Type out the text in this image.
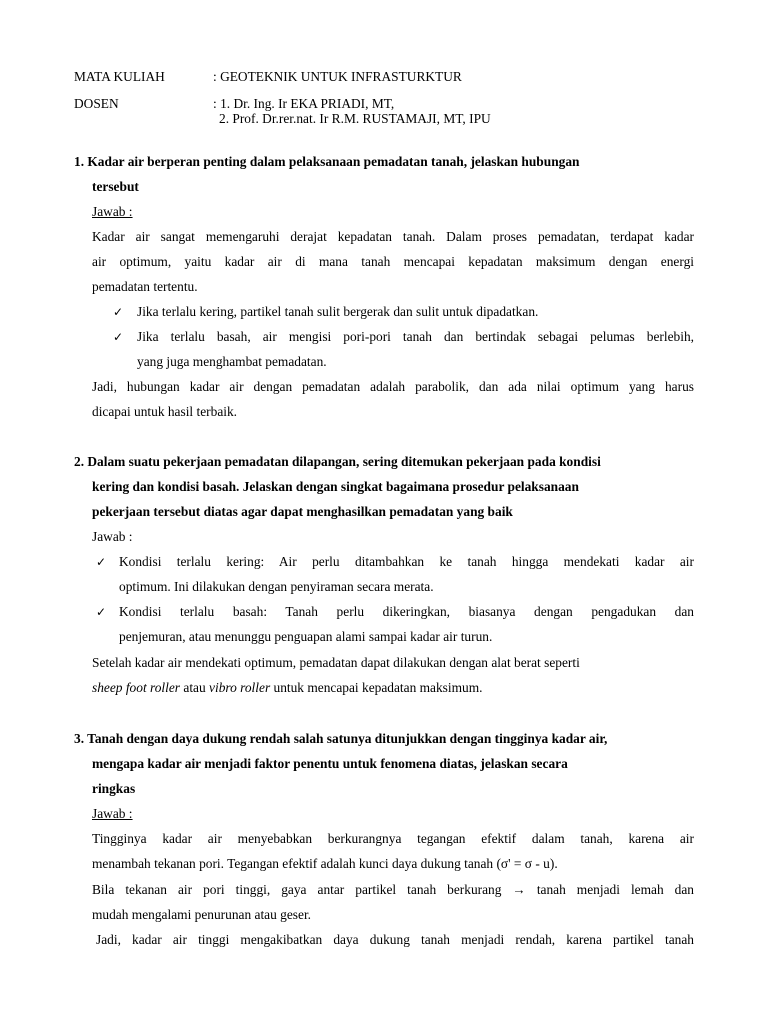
MATA KULIAH	: GEOTEKNIK UNTUK INFRASTURKTUR
DOSEN	: 1. Dr. Ing. Ir EKA PRIADI, MT,
2. Prof. Dr.rer.nat. Ir R.M. RUSTAMAJI, MT, IPU
1. Kadar air berperan penting dalam pelaksanaan pemadatan tanah, jelaskan hubungan
tersebut
Jawab :
Kadar air sangat memengaruhi derajat kepadatan tanah. Dalam proses pemadatan, terdapat kadar
air optimum, yaitu kadar air di mana tanah mencapai kepadatan maksimum dengan energi
pemadatan tertentu.
✓ Jika terlalu kering, partikel tanah sulit bergerak dan sulit untuk dipadatkan.
✓ Jika terlalu basah, air mengisi pori-pori tanah dan bertindak sebagai pelumas berlebih,
yang juga menghambat pemadatan.
Jadi, hubungan kadar air dengan pemadatan adalah parabolik, dan ada nilai optimum yang harus
dicapai untuk hasil terbaik.
2. Dalam suatu pekerjaan pemadatan dilapangan, sering ditemukan pekerjaan pada kondisi
kering dan kondisi basah. Jelaskan dengan singkat bagaimana prosedur pelaksanaan
pekerjaan tersebut diatas agar dapat menghasilkan pemadatan yang baik
Jawab :
✓ Kondisi terlalu kering: Air perlu ditambahkan ke tanah hingga mendekati kadar air
optimum. Ini dilakukan dengan penyiraman secara merata.
✓ Kondisi terlalu basah: Tanah perlu dikeringkan, biasanya dengan pengadukan dan
penjemuran, atau menunggu penguapan alami sampai kadar air turun.
Setelah kadar air mendekati optimum, pemadatan dapat dilakukan dengan alat berat seperti
sheep foot roller atau vibro roller untuk mencapai kepadatan maksimum.
3. Tanah dengan daya dukung rendah salah satunya ditunjukkan dengan tingginya kadar air,
mengapa kadar air menjadi faktor penentu untuk fenomena diatas, jelaskan secara
ringkas
Jawab :
Tingginya kadar air menyebabkan berkurangnya tegangan efektif dalam tanah, karena air
menambah tekanan pori. Tegangan efektif adalah kunci daya dukung tanah (σ' = σ - u).
Bila tekanan air pori tinggi, gaya antar partikel tanah berkurang → tanah menjadi lemah dan
mudah mengalami penurunan atau geser.
Jadi, kadar air tinggi mengakibatkan daya dukung tanah menjadi rendah, karena partikel tanah
